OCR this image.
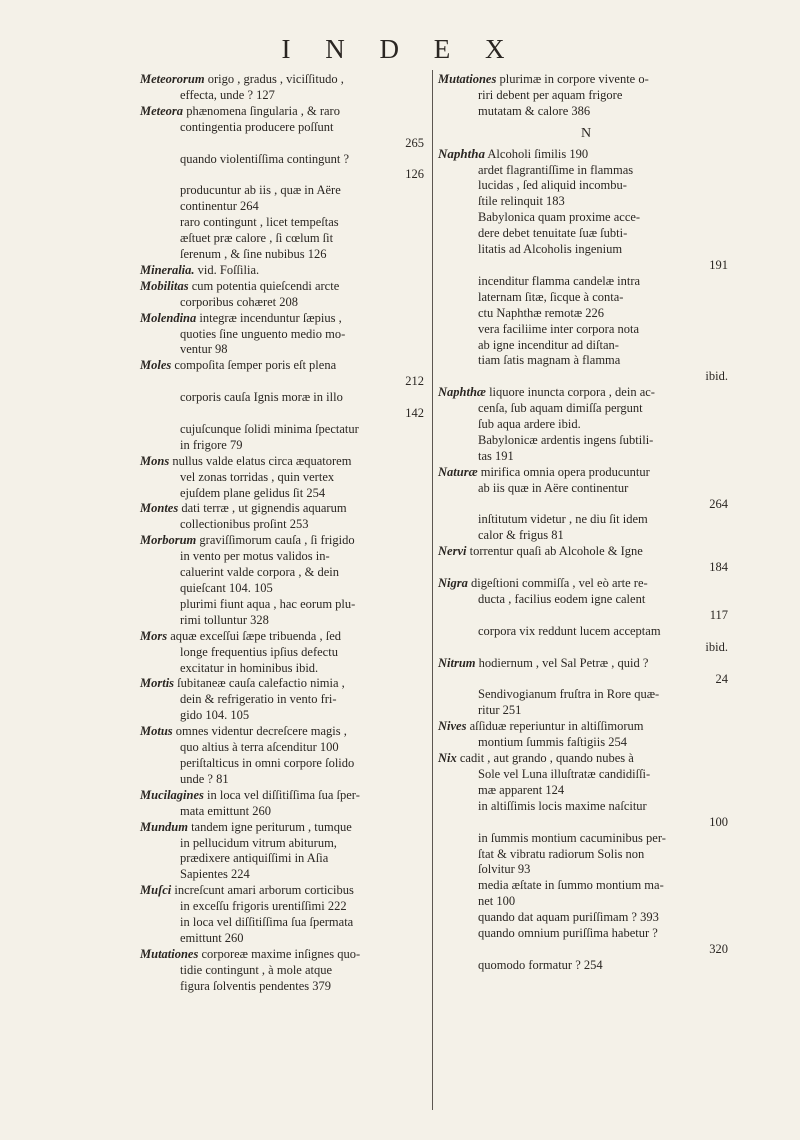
I N D E X
Meteororum origo , gradus , viciſſitudo ,
effecta, unde ? 127
Meteora phænomena ſingularia , & raro
contingentia producere poſſunt
265
quando violentiſſima contingunt ?
126
producuntur ab iis , quæ in Aëre
continentur 264
raro contingunt , licet tempeſtas
æſtuet præ calore , ſi cœlum ſit
ſerenum , & ſine nubibus 126
Mineralia. vid. Foſſilia.
Mobilitas cum potentia quieſcendi arcte
corporibus cohæret 208
Molendina integræ incenduntur ſæpius ,
quoties ſine unguento medio mo-
ventur 98
Moles compoſita ſemper poris eſt plena
212
corporis cauſa Ignis moræ in illo
142
cujuſcunque ſolidi minima ſpectatur
in frigore 79
Mons nullus valde elatus circa æquatorem
vel zonas torridas , quin vertex
ejuſdem plane gelidus ſit 254
Montes dati terræ , ut gignendis aquarum
collectionibus proſint 253
Morborum graviſſimorum cauſa , ſi frigido
in vento per motus validos in-
caluerint valde corpora , & dein
quieſcant 104. 105
plurimi fiunt aqua , hac eorum plu-
rimi tolluntur 328
Mors aquæ exceſſui ſæpe tribuenda , ſed
longe frequentius ipſius defectu
excitatur in hominibus ibid.
Mortis ſubitaneæ cauſa calefactio nimia ,
dein & refrigeratio in vento fri-
gido 104. 105
Motus omnes videntur decreſcere magis ,
quo altius à terra aſcenditur 100
periſtalticus in omni corpore ſolido
unde ? 81
Mucilagines in loca vel diſſitiſſima ſua ſper-
mata emittunt 260
Mundum tandem igne periturum , tumque
in pellucidum vitrum abiturum,
prædixere antiquiſſimi in Aſia
Sapientes 224
Muſci increſcunt amari arborum corticibus
in exceſſu frigoris urentiſſimi 222
in loca vel diſſitiſſima ſua ſpermata
emittunt 260
Mutationes corporeæ maxime inſignes quo-
tidie contingunt , à mole atque
figura ſolventis pendentes 379
Mutationes plurimæ in corpore vivente o-
riri debent per aquam frigore
mutatam & calore 386
N
Naphtha Alcoholi ſimilis 190
ardet flagrantiſſime in flammas
lucidas , ſed aliquid incombu-
ſtile relinquit 183
Babylonica quam proxime acce-
dere debet tenuitate ſuæ ſubti-
litatis ad Alcoholis ingenium
191
incenditur flamma candelæ intra
laternam ſitæ, ſicque à conta-
ctu Naphthæ remotæ 226
vera faciliime inter corpora nota
ab igne incenditur ad diſtan-
tiam ſatis magnam à flamma
ibid.
Naphthæ liquore inuncta corpora , dein ac-
cenſa, ſub aquam dimiſſa pergunt
ſub aqua ardere ibid.
Babylonicæ ardentis ingens ſubtili-
tas 191
Naturæ mirifica omnia opera producuntur
ab iis quæ in Aëre continentur
264
inſtitutum videtur , ne diu ſit idem
calor & frigus 81
Nervi torrentur quaſi ab Alcohole & Igne
184
Nigra digeſtioni commiſſa , vel eò arte re-
ducta , facilius eodem igne calent
117
corpora vix reddunt lucem acceptam
ibid.
Nitrum hodiernum , vel Sal Petræ , quid ?
24
Sendivogianum fruſtra in Rore quæ-
ritur 251
Nives aſſiduæ reperiuntur in altiſſimorum
montium ſummis faſtigiis 254
Nix cadit , aut grando , quando nubes à
Sole vel Luna illuſtratæ candidiſſi-
mæ apparent 124
in altiſſimis locis maxime naſcitur
100
in ſummis montium cacuminibus per-
ſtat & vibratu radiorum Solis non
ſolvitur 93
media æſtate in ſummo montium ma-
net 100
quando dat aquam puriſſimam ? 393
quando omnium puriſſima habetur ?
320
quomodo formatur ? 254
